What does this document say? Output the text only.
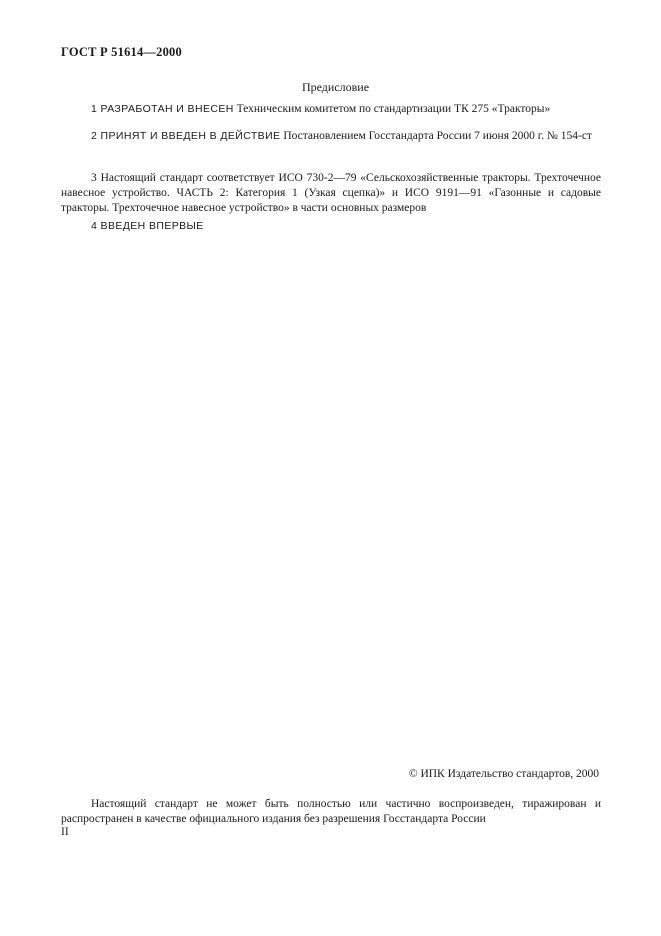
ГОСТ Р 51614—2000
Предисловие
1 РАЗРАБОТАН И ВНЕСЕН Техническим комитетом по стандартизации ТК 275 «Тракторы»
2 ПРИНЯТ И ВВЕДЕН В ДЕЙСТВИЕ Постановлением Госстандарта России 7 июня 2000 г. № 154-ст
3 Настоящий стандарт соответствует ИСО 730-2—79 «Сельскохозяйственные тракторы. Трехточечное навесное устройство. ЧАСТЬ 2: Категория 1 (Узкая сцепка)» и ИСО 9191—91 «Газонные и садовые тракторы. Трехточечное навесное устройство» в части основных размеров
4 ВВЕДЕН ВПЕРВЫЕ
© ИПК Издательство стандартов, 2000
Настоящий стандарт не может быть полностью или частично воспроизведен, тиражирован и распространен в качестве официального издания без разрешения Госстандарта России
II
